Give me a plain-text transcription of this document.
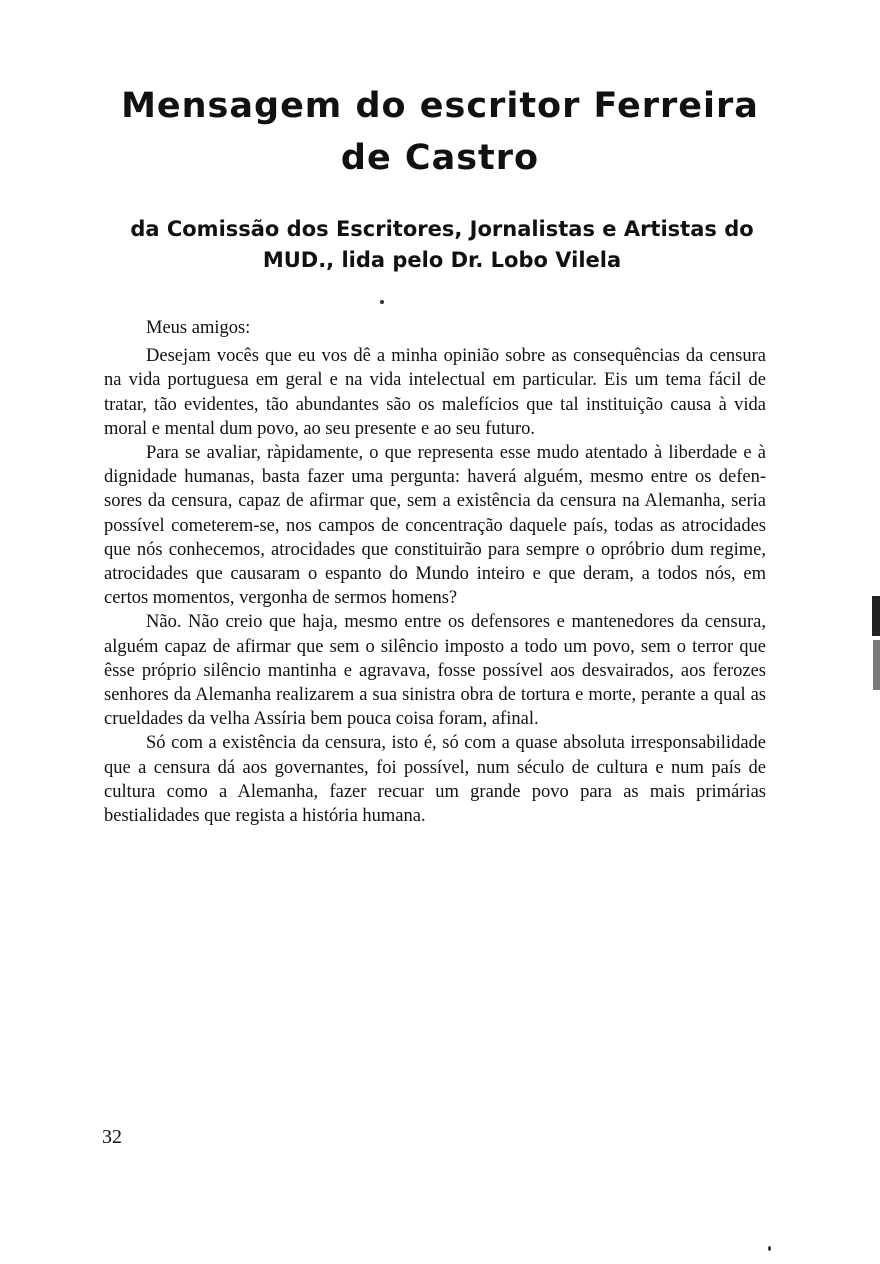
Mensagem do escritor Ferreira de Castro
da Comissão dos Escritores, Jornalistas e Artistas do MUD., lida pelo Dr. Lobo Vilela

Meus amigos:

Desejam vocês que eu vos dê a minha opinião sobre as consequências da censura na vida portuguesa em geral e na vida intelectual em particular. Eis um tema fácil de tratar, tão evidentes, tão abundantes são os malefícios que tal instituição causa à vida moral e mental dum povo, ao seu presente e ao seu futuro.

Para se avaliar, ràpidamente, o que representa esse mudo atentado à liberdade e à dignidade humanas, basta fazer uma pergunta: haverá alguém, mesmo entre os defensores da censura, capaz de afirmar que, sem a existência da censura na Alemanha, seria possível cometerem-se, nos campos de concentração daquele país, todas as atrocidades que nós conhecemos, atrocidades que constituirão para sempre o opróbrio dum regime, atrocidades que causaram o espanto do Mundo inteiro e que deram, a todos nós, em certos momentos, vergonha de sermos homens?

Não. Não creio que haja, mesmo entre os defensores e mantenedores da censura, alguém capaz de afirmar que sem o silêncio imposto a todo um povo, sem o terror que êsse próprio silêncio mantinha e agravava, fosse possível aos desvairados, aos ferozes senhores da Alemanha realizarem a sua sinistra obra de tortura e morte, perante a qual as crueldades da velha Assíria bem pouca coisa foram, afinal.

Só com a existência da censura, isto é, só com a quase absoluta irresponsabilidade que a censura dá aos governantes, foi possível, num século de cultura e num país de cultura como a Alemanha, fazer recuar um grande povo para as mais primárias bestialidades que regista a história humana.

32
